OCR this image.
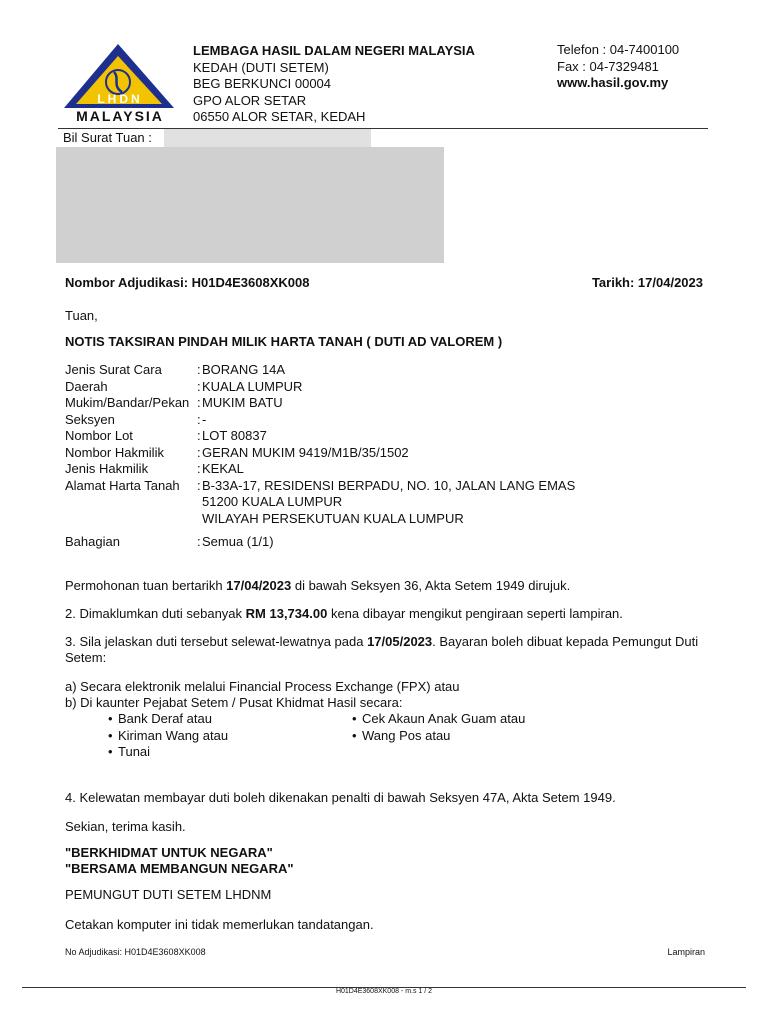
LHDN
MALAYSIA
LEMBAGA HASIL DALAM NEGERI MALAYSIA
KEDAH (DUTI SETEM)
BEG BERKUNCI 00004
GPO ALOR SETAR
06550 ALOR SETAR, KEDAH
Telefon : 04-7400100
Fax : 04-7329481
www.hasil.gov.my
Bil Surat Tuan :
Nombor Adjudikasi: H01D4E3608XK008	Tarikh: 17/04/2023
Tuan,
NOTIS TAKSIRAN PINDAH MILIK HARTA TANAH ( DUTI AD VALOREM )
Jenis Surat Cara	: BORANG 14A
Daerah	: KUALA LUMPUR
Mukim/Bandar/Pekan : MUKIM BATU
Seksyen	: -
Nombor Lot	: LOT 80837
Nombor Hakmilik	: GERAN MUKIM 9419/M1B/35/1502
Jenis Hakmilik	: KEKAL
Alamat Harta Tanah	: B-33A-17, RESIDENSI BERPADU, NO. 10, JALAN LANG EMAS
51200 KUALA LUMPUR
WILAYAH PERSEKUTUAN KUALA LUMPUR
Bahagian	: Semua (1/1)
Permohonan tuan bertarikh 17/04/2023 di bawah Seksyen 36, Akta Setem 1949 dirujuk.
2. Dimaklumkan duti sebanyak RM 13,734.00 kena dibayar mengikut pengiraan seperti lampiran.
3. Sila jelaskan duti tersebut selewat-lewatnya pada 17/05/2023. Bayaran boleh dibuat kepada Pemungut Duti Setem:
a) Secara elektronik melalui Financial Process Exchange (FPX) atau
b) Di kaunter Pejabat Setem / Pusat Khidmat Hasil secara:
• Bank Deraf atau	• Cek Akaun Anak Guam atau
• Kiriman Wang atau	• Wang Pos atau
• Tunai
4. Kelewatan membayar duti boleh dikenakan penalti di bawah Seksyen 47A, Akta Setem 1949.
Sekian, terima kasih.
"BERKHIDMAT UNTUK NEGARA"
"BERSAMA MEMBANGUN NEGARA"
PEMUNGUT DUTI SETEM LHDNM
Cetakan komputer ini tidak memerlukan tandatangan.
No Adjudikasi: H01D4E3608XK008	Lampiran
H01D4E3608XK008 - m.s 1 / 2
